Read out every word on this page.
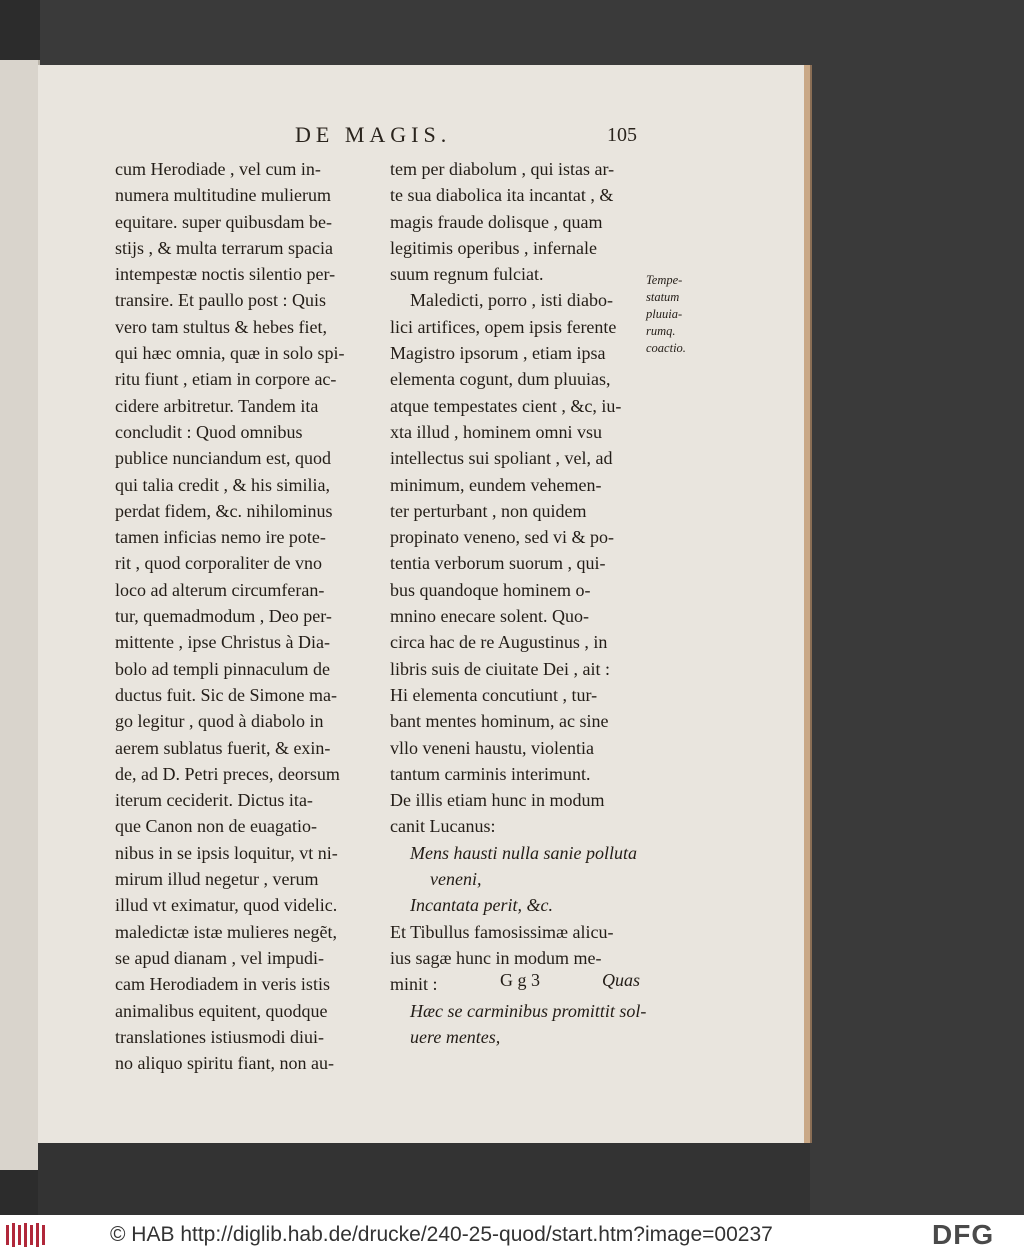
DE MAGIS.	105
cum Herodiade , vel cum in-
numera multitudine mulierum
equitare. super quibusdam be-
stijs , & multa terrarum spacia
intempestæ noctis silentio per-
transire. Et paullo post : Quis
vero tam stultus & hebes fiet,
qui hæc omnia, quæ in solo spi-
ritu fiunt , etiam in corpore ac-
cidere arbitretur. Tandem ita
concludit : Quod omnibus
publice nunciandum est, quod
qui talia credit , & his similia,
perdat fidem, &c. nihilominus
tamen inficias nemo ire pote-
rit , quod corporaliter de vno
loco ad alterum circumferan-
tur, quemadmodum , Deo per-
mittente , ipse Christus à Dia-
bolo ad templi pinnaculum de
ductus fuit. Sic de Simone ma-
go legitur , quod à diabolo in
aerem sublatus fuerit, & exin-
de, ad D. Petri preces, deorsum
iterum ceciderit. Dictus ita-
que Canon non de euagatio-
nibus in se ipsis loquitur, vt ni-
mirum illud negetur , verum
illud vt eximatur, quod videlic.
maledictæ istæ mulieres negẽt,
se apud dianam , vel impudi-
cam Herodiadem in veris istis
animalibus equitent, quodque
translationes istiusmodi diui-
no aliquo spiritu fiant, non au-
tem per diabolum , qui istas ar-
te sua diabolica ita incantat , &
magis fraude dolisque , quam
legitimis operibus , infernale
suum regnum fulciat.
Maledicti, porro , isti diabo-
lici artifices, opem ipsis ferente
Magistro ipsorum , etiam ipsa
elementa cogunt, dum pluuias,
atque tempestates cient , &c, iu-
xta illud , hominem omni vsu
intellectus sui spoliant , vel, ad
minimum, eundem vehemen-
ter perturbant , non quidem
propinato veneno, sed vi & po-
tentia verborum suorum , qui-
bus quandoque hominem o-
mnino enecare solent. Quo-
circa hac de re Augustinus , in
libris suis de ciuitate Dei , ait :
Hi elementa concutiunt , tur-
bant mentes hominum, ac sine
vllo veneni haustu, violentia
tantum carminis interimunt.
De illis etiam hunc in modum
canit Lucanus:
Mens hausti nulla sanie polluta
veneni,
Incantata perit, &c.
Et Tibullus famosissimæ alicu-
ius sagæ hunc in modum me-
minit :
Hæc se carminibus promittit sol-
uere mentes,
Tempe-
statum
pluuia-
rumq.
coactio.
G g 3	Quas
© HAB http://diglib.hab.de/drucke/240-25-quod/start.htm?image=00237	DFG
